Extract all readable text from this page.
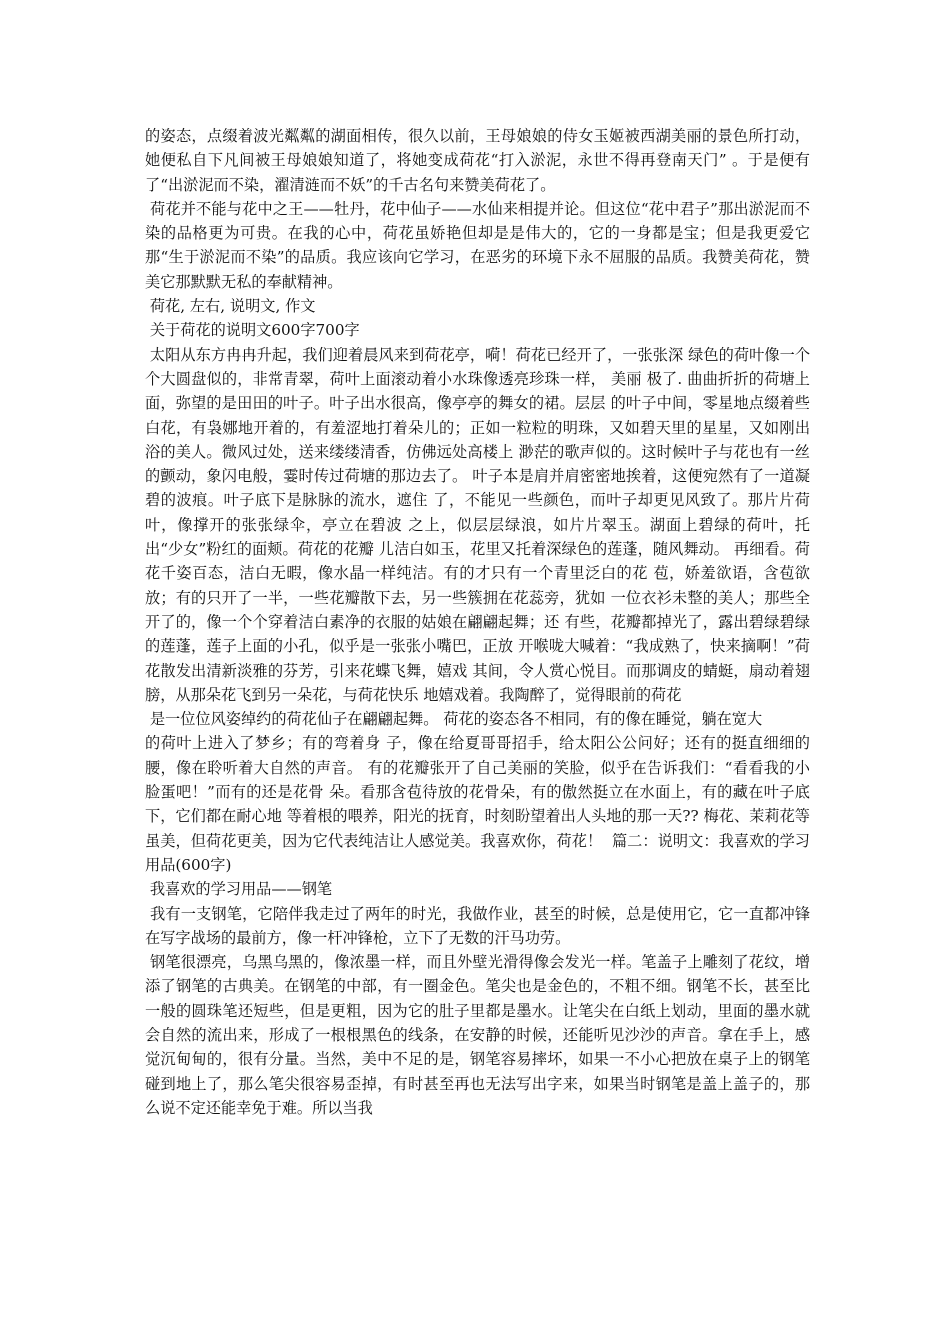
的姿态，点缀着波光粼粼的湖面相传，很久以前，王母娘娘的侍女玉姬被西湖美丽的景色所打动，她便私自下凡间被王母娘娘知道了，将她变成荷花“打入淤泥，永世不得再登南天门” 。于是便有了“出淤泥而不染，濯清涟而不妖”的千古名句来赞美荷花了。

荷花并不能与花中之王——牡丹，花中仙子——水仙来相提并论。但这位“花中君子”那出淤泥而不染的品格更为可贵。在我的心中，荷花虽娇艳但却是是伟大的，它的一身都是宝；但是我更爱它那“生于淤泥而不染”的品质。我应该向它学习，在恶劣的环境下永不屈服的品质。我赞美荷花，赞美它那默默无私的奉献精神。

荷花, 左右, 说明文, 作文

关于荷花的说明文600字700字

太阳从东方冉冉升起，我们迎着晨风来到荷花亭，嗬！荷花已经开了，一张张深 绿色的荷叶像一个个大圆盘似的，非常青翠，荷叶上面滚动着小水珠像透亮珍珠一样， 美丽 极了. 曲曲折折的荷塘上面，弥望的是田田的叶子。叶子出水很高，像亭亭的舞女的裙。层层 的叶子中间，零星地点缀着些白花，有袅娜地开着的，有羞涩地打着朵儿的；正如一粒粒的明珠，又如碧天里的星星，又如刚出浴的美人。微风过处，送来缕缕清香，仿佛远处高楼上 渺茫的歌声似的。这时候叶子与花也有一丝的颤动，象闪电般，霎时传过荷塘的那边去了。 叶子本是肩并肩密密地挨着，这便宛然有了一道凝碧的波痕。叶子底下是脉脉的流水，遮住 了，不能见一些颜色，而叶子却更见风致了。那片片荷叶，像撑开的张张绿伞，亭立在碧波 之上，似层层绿浪，如片片翠玉。湖面上碧绿的荷叶，托出“少女”粉红的面颊。荷花的花瓣 儿洁白如玉，花里又托着深绿色的莲蓬，随风舞动。 再细看。荷花千姿百态，洁白无暇，像水晶一样纯洁。有的才只有一个青里泛白的花 苞，娇羞欲语，含苞欲放；有的只开了一半，一些花瓣散下去，另一些簇拥在花蕊旁，犹如 一位衣衫未整的美人；那些全开了的，像一个个穿着洁白素净的衣服的姑娘在翩翩起舞；还 有些，花瓣都掉光了，露出碧绿碧绿的莲蓬，莲子上面的小孔，似乎是一张张小嘴巴，正放 开喉咙大喊着：“我成熟了，快来摘啊！”荷花散发出清新淡雅的芬芳，引来花蝶飞舞，嬉戏 其间，令人赏心悦目。而那调皮的蜻蜓，扇动着翅膀，从那朵花飞到另一朵花，与荷花快乐 地嬉戏着。我陶醉了，觉得眼前的荷花

是一位位风姿绰约的荷花仙子在翩翩起舞。 荷花的姿态各不相同，有的像在睡觉，躺在宽大

的荷叶上进入了梦乡；有的弯着身 子，像在给夏哥哥招手，给太阳公公问好；还有的挺直细细的腰，像在聆听着大自然的声音。 有的花瓣张开了自己美丽的笑脸，似乎在告诉我们：“看看我的小脸蛋吧！”而有的还是花骨 朵。看那含苞待放的花骨朵，有的傲然挺立在水面上，有的藏在叶子底下，它们都在耐心地 等着根的喂养，阳光的抚育，时刻盼望着出人头地的那一天?? 梅花、茉莉花等虽美，但荷花更美，因为它代表纯洁让人感觉美。我喜欢你，荷花！  篇二：说明文：我喜欢的学习用品(600字)

我喜欢的学习用品——钢笔

我有一支钢笔，它陪伴我走过了两年的时光，我做作业，甚至的时候，总是使用它，它一直都冲锋在写字战场的最前方，像一杆冲锋枪，立下了无数的汗马功劳。

钢笔很漂亮，乌黑乌黑的，像浓墨一样，而且外壁光滑得像会发光一样。笔盖子上雕刻了花纹，增添了钢笔的古典美。在钢笔的中部，有一圈金色。笔尖也是金色的，不粗不细。钢笔不长，甚至比一般的圆珠笔还短些，但是更粗，因为它的肚子里都是墨水。让笔尖在白纸上划动，里面的墨水就会自然的流出来，形成了一根根黑色的线条，在安静的时候，还能听见沙沙的声音。拿在手上，感觉沉甸甸的，很有分量。当然，美中不足的是，钢笔容易摔坏，如果一不小心把放在桌子上的钢笔碰到地上了，那么笔尖很容易歪掉，有时甚至再也无法写出字来，如果当时钢笔是盖上盖子的，那么说不定还能幸免于难。所以当我
